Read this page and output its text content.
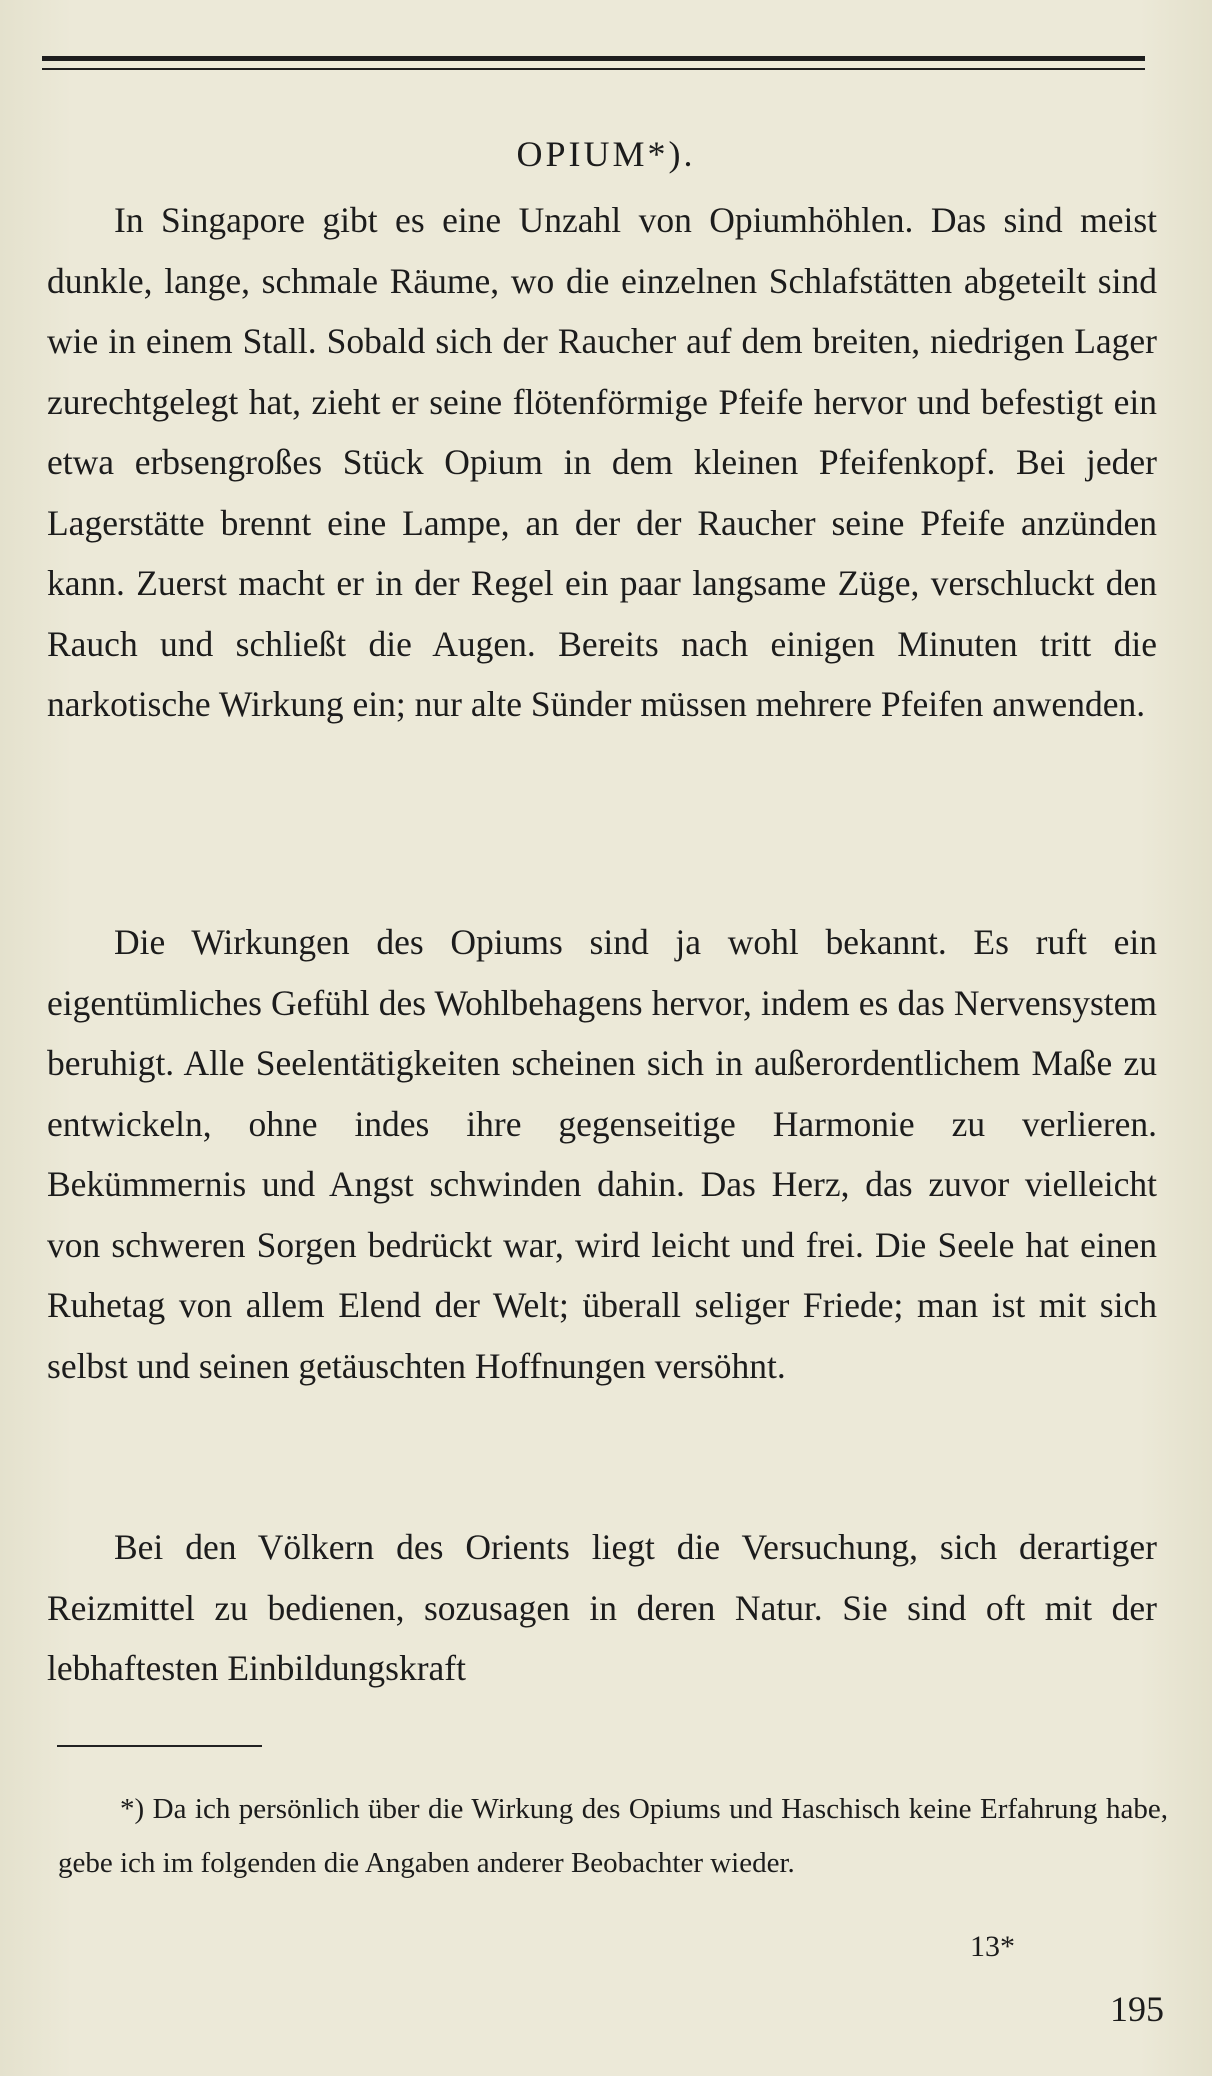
OPIUM*).

In Singapore gibt es eine Unzahl von Opiumhöhlen. Das sind meist dunkle, lange, schmale Räume, wo die einzelnen Schlafstätten abgeteilt sind wie in einem Stall. Sobald sich der Raucher auf dem breiten, niedrigen Lager zurechtgelegt hat, zieht er seine flötenförmige Pfeife hervor und befestigt ein etwa erbsengroßes Stück Opium in dem kleinen Pfeifenkopf. Bei jeder Lagerstätte brennt eine Lampe, an der der Raucher seine Pfeife anzünden kann. Zuerst macht er in der Regel ein paar langsame Züge, verschluckt den Rauch und schließt die Augen. Bereits nach einigen Minuten tritt die narkotische Wirkung ein; nur alte Sünder müssen mehrere Pfeifen anwenden.

Die Wirkungen des Opiums sind ja wohl bekannt. Es ruft ein eigentümliches Gefühl des Wohlbehagens hervor, indem es das Nervensystem beruhigt. Alle Seelentätigkeiten scheinen sich in außerordentlichem Maße zu entwickeln, ohne indes ihre gegenseitige Harmonie zu verlieren. Bekümmernis und Angst schwinden dahin. Das Herz, das zuvor vielleicht von schweren Sorgen bedrückt war, wird leicht und frei. Die Seele hat einen Ruhetag von allem Elend der Welt; überall seliger Friede; man ist mit sich selbst und seinen getäuschten Hoffnungen versöhnt.

Bei den Völkern des Orients liegt die Versuchung, sich derartiger Reizmittel zu bedienen, sozusagen in deren Natur. Sie sind oft mit der lebhaftesten Einbildungskraft

*) Da ich persönlich über die Wirkung des Opiums und Haschisch keine Erfahrung habe, gebe ich im folgenden die Angaben anderer Beobachter wieder.
13*
195
